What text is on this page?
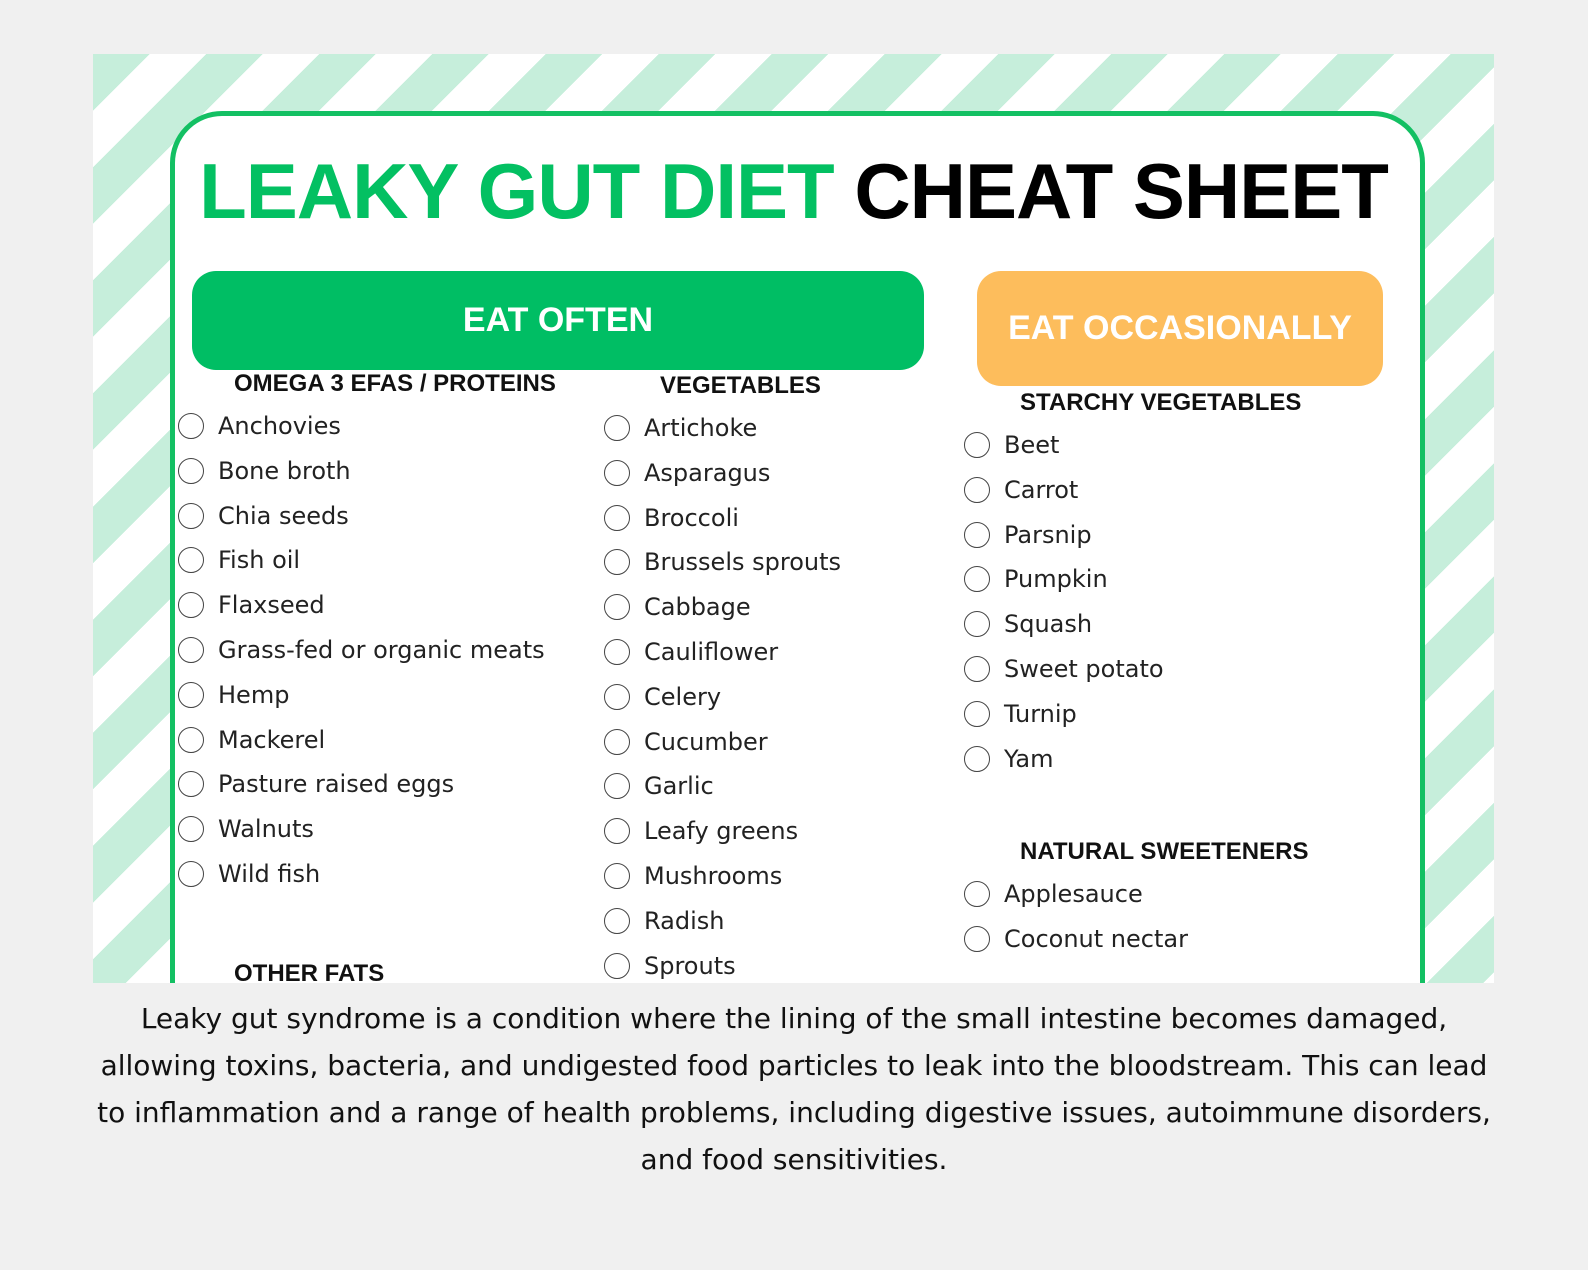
LEAKY GUT DIET CHEAT SHEET
EAT OFTEN	EAT OCCASIONALLY
OMEGA 3 EFAS / PROTEINS
Anchovies
Bone broth
Chia seeds
Fish oil
Flaxseed
Grass-fed or organic meats
Hemp
Mackerel
Pasture raised eggs
Walnuts
Wild fish
OTHER FATS
VEGETABLES
Artichoke
Asparagus
Broccoli
Brussels sprouts
Cabbage
Cauliflower
Celery
Cucumber
Garlic
Leafy greens
Mushrooms
Radish
Sprouts
STARCHY VEGETABLES
Beet
Carrot
Parsnip
Pumpkin
Squash
Sweet potato
Turnip
Yam
NATURAL SWEETENERS
Applesauce
Coconut nectar
Leaky gut syndrome is a condition where the lining of the small intestine becomes damaged, allowing toxins, bacteria, and undigested food particles to leak into the bloodstream. This can lead to inflammation and a range of health problems, including digestive issues, autoimmune disorders, and food sensitivities.
